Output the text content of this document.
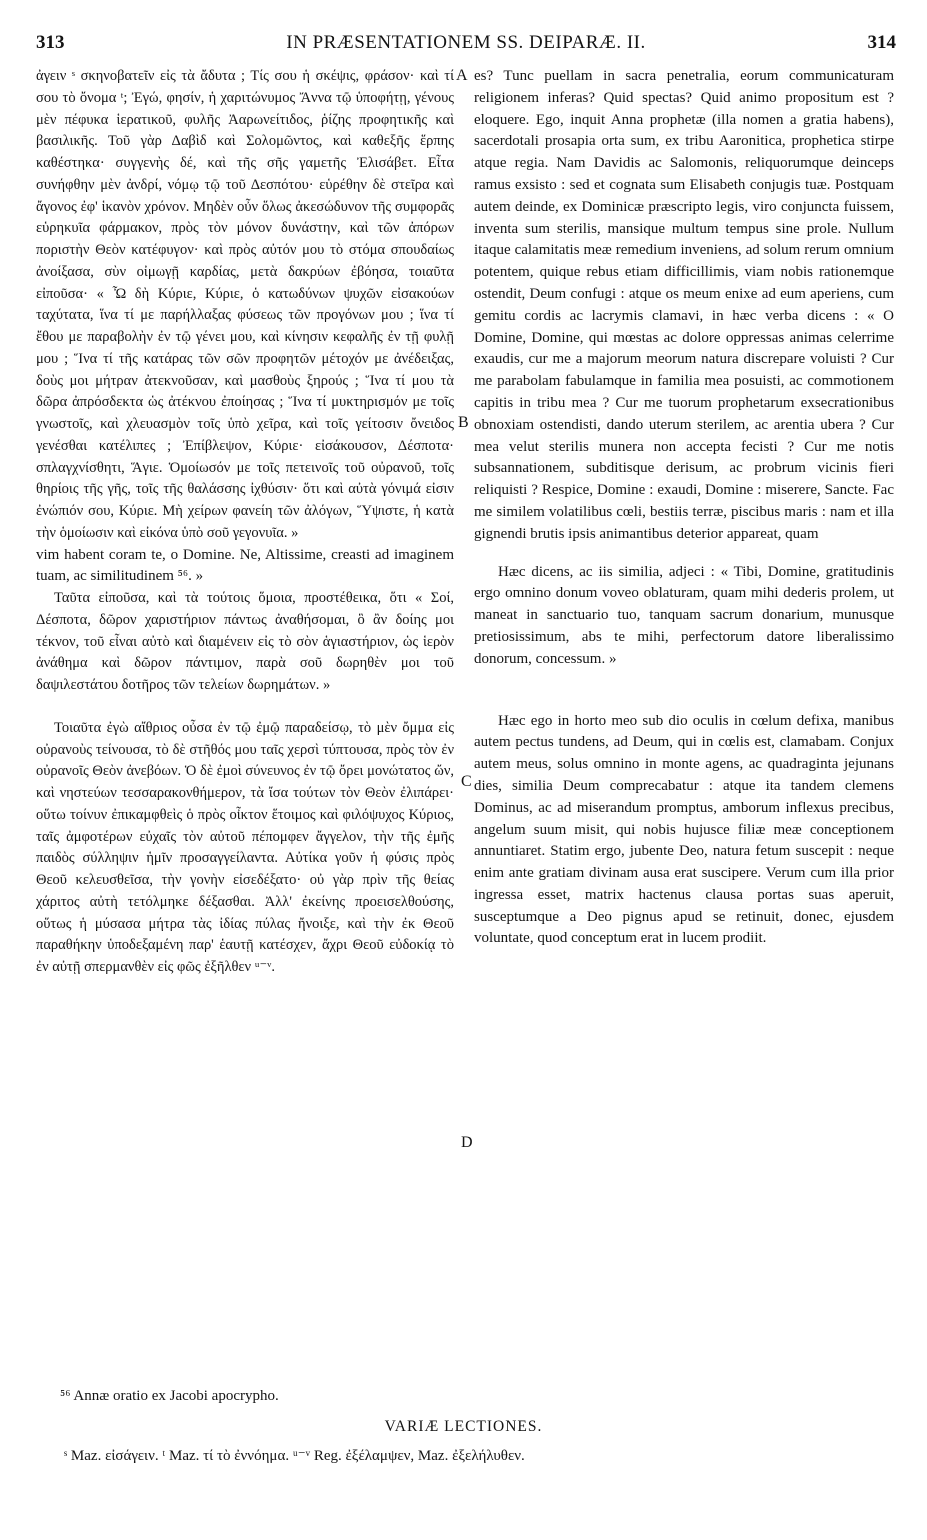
313	IN PRÆSENTATIONEM SS. DEIPARÆ. II.	314

ἀγειν ˢ σκηνοβατεῖν εἰς τὰ ἄδυτα ; Τίς σου ἡ σκέψις, φράσον· καὶ τί σου τὸ ὄνομα ᵗ; Ἐγώ, φησίν, ἡ χαριτώνυμος Ἄννα τῷ ὑποφήτῃ, γένους μὲν πέφυκα ἱερατικοῦ, φυλῆς Ἀαρωνείτιδος, ῥίζης προφητικῆς καὶ βασιλικῆς. Τοῦ γὰρ Δαβὶδ καὶ Σολομῶντος, καὶ καθεξῆς ἕρπης καθέστηκα· συγγενὴς δέ, καὶ τῆς σῆς γαμετῆς Ἐλισάβετ. Εἶτα συνήφθην μὲν ἀνδρί, νόμῳ τῷ τοῦ Δεσπότου· εὑρέθην δὲ στεῖρα καὶ ἄγονος ἐφ' ἱκανὸν χρόνον. Μηδὲν οὖν ὅλως ἀκεσώδυνον τῆς συμφορᾶς εὑρηκυῖα φάρμακον, πρὸς τὸν μόνον δυνάστην, καὶ τῶν ἀπόρων ποριστὴν Θεὸν κατέφυγον· καὶ πρὸς αὐτόν μου τὸ στόμα σπουδαίως ἀνοίξασα, σὺν οἰμωγῇ καρδίας, μετὰ δακρύων ἐβόησα, τοιαῦτα εἰποῦσα· « Ὦ δὴ Κύριε, Κύριε, ὁ κατωδύνων ψυχῶν εἰσακούων ταχύτατα, ἵνα τί με παρήλλαξας φύσεως τῶν προγόνων μου ; ἵνα τί ἔθου με παραβολὴν ἐν τῷ γένει μου, καὶ κίνησιν κεφαλῆς ἐν τῇ φυλῇ μου ; Ἵνα τί τῆς κατάρας τῶν σῶν προφητῶν μέτοχόν με ἀνέδειξας, δοὺς μοι μήτραν ἀτεκνοῦσαν, καὶ μασθοὺς ξηρούς ; Ἵνα τί μου τὰ δῶρα ἀπρόσδεκτα ὡς ἀτέκνου ἐποίησας ; Ἵνα τί μυκτηρισμόν με τοῖς γνωστοῖς, καὶ χλευασμὸν τοῖς ὑπὸ χεῖρα, καὶ τοῖς γείτοσιν ὄνειδος γενέσθαι κατέλιπες ; Ἐπίβλεψον, Κύριε· εἰσάκουσον, Δέσποτα· σπλαγχνίσθητι, Ἅγιε. Ὁμοίωσόν με τοῖς πετεινοῖς τοῦ οὐρανοῦ, τοῖς θηρίοις τῆς γῆς, τοῖς τῆς θαλάσσης ἰχθύσιν· ὅτι καὶ αὐτὰ γόνιμά εἰσιν ἐνώπιόν σου, Κύριε. Μὴ χείρων φανείη τῶν ἀλόγων, Ὕψιστε, ἡ κατὰ τὴν ὁμοίωσιν καὶ εἰκόνα ὑπὸ σοῦ γεγονυῖα. »

vim habent coram te, o Domine. Ne, Altissime, creasti ad imaginem tuam, ac similitudinem ⁵⁶. »

Ταῦτα εἰποῦσα, καὶ τὰ τούτοις ὅμοια, προστέθεικα, ὅτι « Σοί, Δέσποτα, δῶρον χαριστήριον πάντως ἀναθήσομαι, ὃ ἂν δοίης μοι τέκνον, τοῦ εἶναι αὐτὸ καὶ διαμένειν εἰς τὸ σὸν ἁγιαστήριον, ὡς ἱερὸν ἀνάθημα καὶ δῶρον πάντιμον, παρὰ σοῦ δωρηθὲν μοι τοῦ δαψιλεστάτου δοτῆρος τῶν τελείων δωρημάτων. »

Τοιαῦτα ἐγὼ αἴθριος οὖσα ἐν τῷ ἐμῷ παραδείσῳ, τὸ μὲν ὄμμα εἰς οὐρανοὺς τείνουσα, τὸ δὲ στῆθός μου ταῖς χερσὶ τύπτουσα, πρὸς τὸν ἐν οὐρανοῖς Θεὸν ἀνεβόων. Ὁ δὲ ἐμοὶ σύνευνος ἐν τῷ ὄρει μονώτατος ὤν, καὶ νηστεύων τεσσαρακονθήμερον, τὰ ἴσα τούτων τὸν Θεὸν ἐλιπάρει· οὕτω τοίνυν ἐπικαμφθεὶς ὁ πρὸς οἶκτον ἕτοιμος καὶ φιλόψυχος Κύριος, ταῖς ἀμφοτέρων εὐχαῖς τὸν αὐτοῦ πέπομφεν ἄγγελον, τὴν τῆς ἐμῆς παιδὸς σύλληψιν ἡμῖν προσαγγείλαντα. Αὐτίκα γοῦν ἡ φύσις πρὸς Θεοῦ κελευσθεῖσα, τὴν γονὴν εἰσεδέξατο· οὐ γὰρ πρὶν τῆς θείας χάριτος αὐτὴ τετόλμηκε δέξασθαι. Ἀλλ' ἐκείνης προεισελθούσης, οὕτως ἡ μύσασα μήτρα τὰς ἰδίας πύλας ἤνοιξε, καὶ τὴν ἐκ Θεοῦ παραθήκην ὑποδεξαμένη παρ' ἑαυτῇ κατέσχεν, ἄχρι Θεοῦ εὐδοκίᾳ τὸ ἐν αὐτῇ σπερμανθὲν εἰς φῶς ἐξῆλθεν ᵘ⁻ᵛ.

es? Tunc puellam in sacra penetralia, eorum communicaturam religionem inferas? Quid spectas? Quid animo propositum est ? eloquere. Ego, inquit Anna prophetæ (illa nomen a gratia habens), sacerdotali prosapia orta sum, ex tribu Aaronitica, prophetica stirpe atque regia. Nam Davidis ac Salomonis, reliquorumque deinceps ramus exsisto : sed et cognata sum Elisabeth conjugis tuæ. Postquam autem deinde, ex Dominicæ præscripto legis, viro conjuncta fuissem, inventa sum sterilis, mansique multum tempus sine prole. Nullum itaque calamitatis meæ remedium inveniens, ad solum rerum omnium potentem, quique rebus etiam difficillimis, viam nobis rationemque ostendit, Deum confugi : atque os meum enixe ad eum aperiens, cum gemitu cordis ac lacrymis clamavi, in hæc verba dicens : « O Domine, Domine, qui mœstas ac dolore oppressas animas celerrime exaudis, cur me a majorum meorum natura discrepare voluisti ? Cur me parabolam fabulamque in familia mea posuisti, ac commotionem capitis in tribu mea ? Cur me tuorum prophetarum exsecrationibus obnoxiam ostendisti, dando uterum sterilem, ac arentia ubera ? Cur mea velut sterilis munera non accepta fecisti ? Cur me notis subsannationem, subditisque derisum, ac probrum vicinis fieri reliquisti ? Respice, Domine : exaudi, Domine : miserere, Sancte. Fac me similem volatilibus cœli, bestiis terræ, piscibus maris : nam et illa gignendi brutis ipsis animantibus deterior appareat, quam

Hæc dicens, ac iis similia, adjeci : « Tibi, Domine, gratitudinis ergo omnino donum voveo oblaturam, quam mihi dederis prolem, ut maneat in sanctuario tuo, tanquam sacrum donarium, munusque pretiosissimum, abs te mihi, perfectorum datore liberalissimo donorum, concessum. »

Hæc ego in horto meo sub dio oculis in cœlum defixa, manibus autem pectus tundens, ad Deum, qui in cœlis est, clamabam. Conjux autem meus, solus omnino in monte agens, ac quadraginta jejunans dies, similia Deum comprecabatur : atque ita tandem clemens Dominus, ac ad miserandum promptus, amborum inflexus precibus, angelum suum misit, qui nobis hujusce filiæ meæ conceptionem annuntiaret. Statim ergo, jubente Deo, natura fetum suscepit : neque enim ante gratiam divinam ausa erat suscipere. Verum cum illa prior ingressa esset, matrix hactenus clausa portas suas aperuit, susceptumque a Deo pignus apud se retinuit, donec, ejusdem voluntate, quod conceptum erat in lucem prodiit.

A
B
C
D
⁵⁶ Annæ oratio ex Jacobi apocrypho.
VARIÆ LECTIONES.
ˢ Maz. εἰσάγειν. ᵗ Maz. τί τὸ ἐννόημα. ᵘ⁻ᵛ Reg. ἐξέλαμψεν, Maz. ἐξελήλυθεν.
